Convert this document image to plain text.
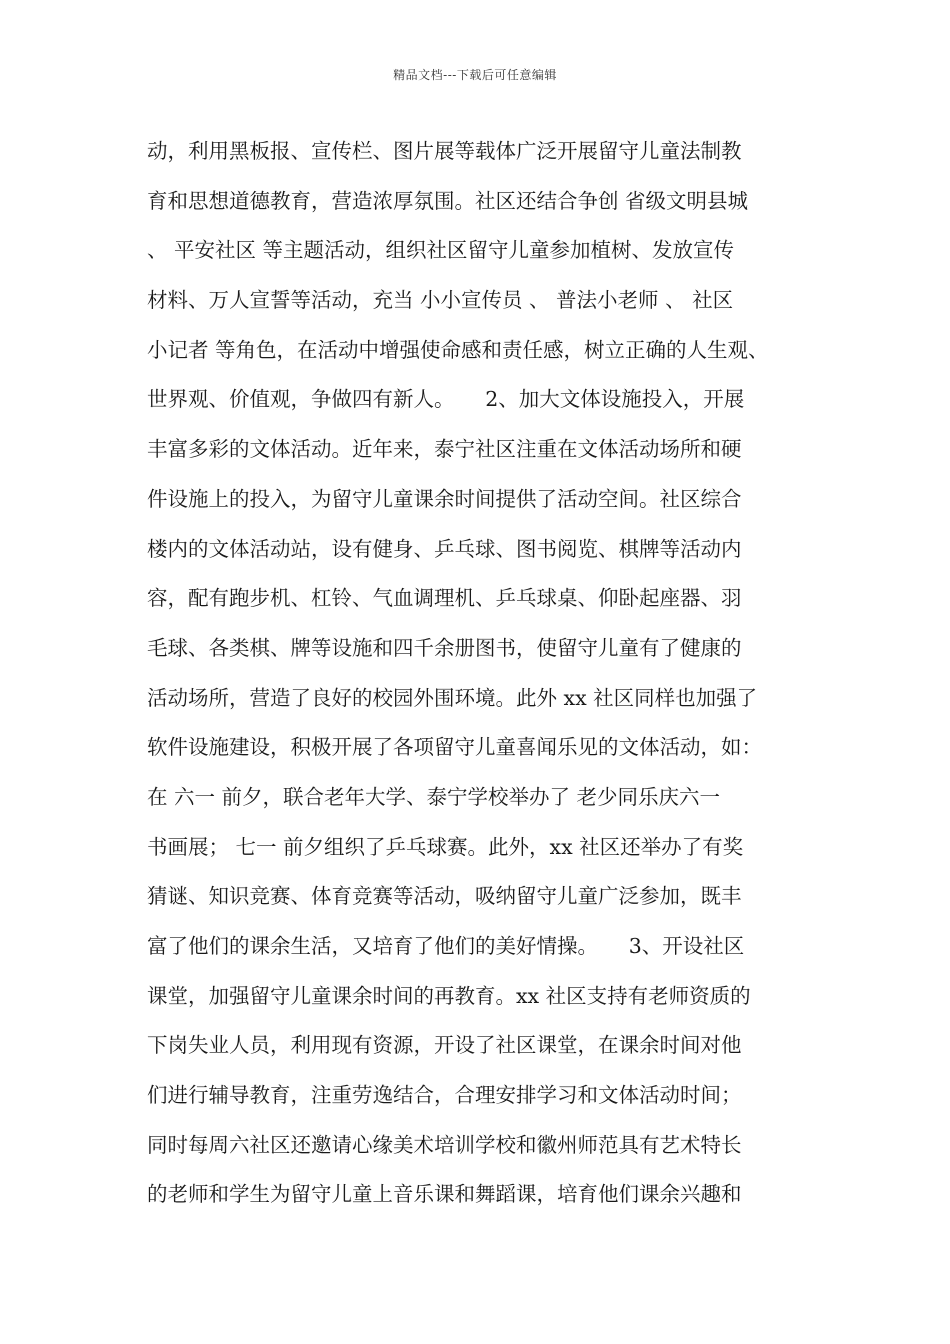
精品文档---下载后可任意编辑
动，利用黑板报、宣传栏、图片展等载体广泛开展留守儿童法制教
育和思想道德教育，营造浓厚氛围。社区还结合争创 省级文明县城
、 平安社区 等主题活动，组织社区留守儿童参加植树、发放宣传
材料、万人宣誓等活动，充当 小小宣传员 、 普法小老师 、 社区
小记者 等角色，在活动中增强使命感和责任感，树立正确的人生观、
世界观、价值观，争做四有新人。　　2、加大文体设施投入，开展
丰富多彩的文体活动。近年来，泰宁社区注重在文体活动场所和硬
件设施上的投入，为留守儿童课余时间提供了活动空间。社区综合
楼内的文体活动站，设有健身、乒乓球、图书阅览、棋牌等活动内
容，配有跑步机、杠铃、气血调理机、乒乓球桌、仰卧起座器、羽
毛球、各类棋、牌等设施和四千余册图书，使留守儿童有了健康的
活动场所，营造了良好的校园外围环境。此外 xx 社区同样也加强了
软件设施建设，积极开展了各项留守儿童喜闻乐见的文体活动，如：
在 六一 前夕，联合老年大学、泰宁学校举办了 老少同乐庆六一
书画展； 七一 前夕组织了乒乓球赛。此外，xx 社区还举办了有奖
猜谜、知识竞赛、体育竞赛等活动，吸纳留守儿童广泛参加，既丰
富了他们的课余生活，又培育了他们的美好情操。　　3、开设社区
课堂，加强留守儿童课余时间的再教育。xx 社区支持有老师资质的
下岗失业人员，利用现有资源，开设了社区课堂，在课余时间对他
们进行辅导教育，注重劳逸结合，合理安排学习和文体活动时间；
同时每周六社区还邀请心缘美术培训学校和徽州师范具有艺术特长
的老师和学生为留守儿童上音乐课和舞蹈课，培育他们课余兴趣和
